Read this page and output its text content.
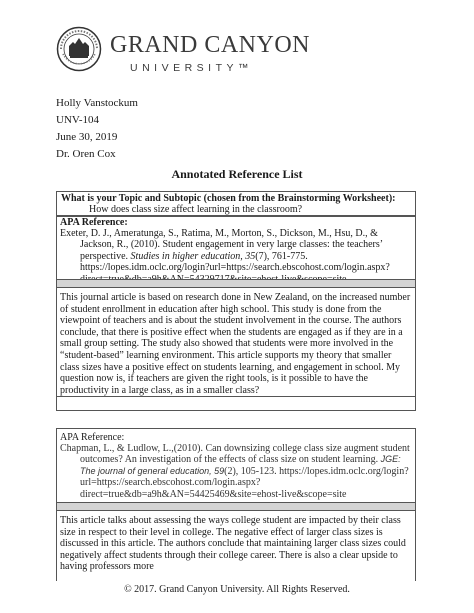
GRAND CANYON
UNIVERSITY™
Holly Vanstockum
UNV-104
June 30, 2019
Dr. Oren Cox
Annotated Reference List
What is your Topic and Subtopic (chosen from the Brainstorming Worksheet):
How does class size affect learning in the classroom?
APA Reference:
Exeter, D. J., Ameratunga, S., Ratima, M., Morton, S., Dickson, M., Hsu, D., & Jackson, R., (2010). Student engagement in very large classes: the teachers’ perspective. Studies in higher education, 35(7), 761-775. https://lopes.idm.oclc.org/login?url=https://search.ebscohost.com/login.aspx?
This journal article is based on research done in New Zealand, on the increased number of student enrollment in education after high school. This study is done from the viewpoint of teachers and is about the student involvement in the course. The authors conclude, that there is positive effect when the students are engaged as if they are in a small group setting. The study also showed that students were more involved in the “student-based” learning environment. This article supports my theory that smaller class sizes have a positive effect on students learning, and engagement in school. My question now is, if teachers are given the right tools, is it possible to have the productivity in a large class, as in a smaller class?
APA Reference:
Chapman, L., & Ludlow, L.,(2010). Can downsizing college class size augment student outcomes? An investigation of the effects of class size on student learning. JGE: The journal of general education, 59(2), 105-123. https://lopes.idm.oclc.org/login?url=https://search.ebscohost.com/login.aspx?direct=true&db=a9h&AN=54425469&site=ehost-live&scope=site
This article talks about assessing the ways college student are impacted by their class size in respect to their level in college. The negative effect of larger class sizes is discussed in this article. The authors conclude that maintaining larger class sizes could negatively affect students through their college career. There is also a clear upside to having professors more
© 2017. Grand Canyon University. All Rights Reserved.
